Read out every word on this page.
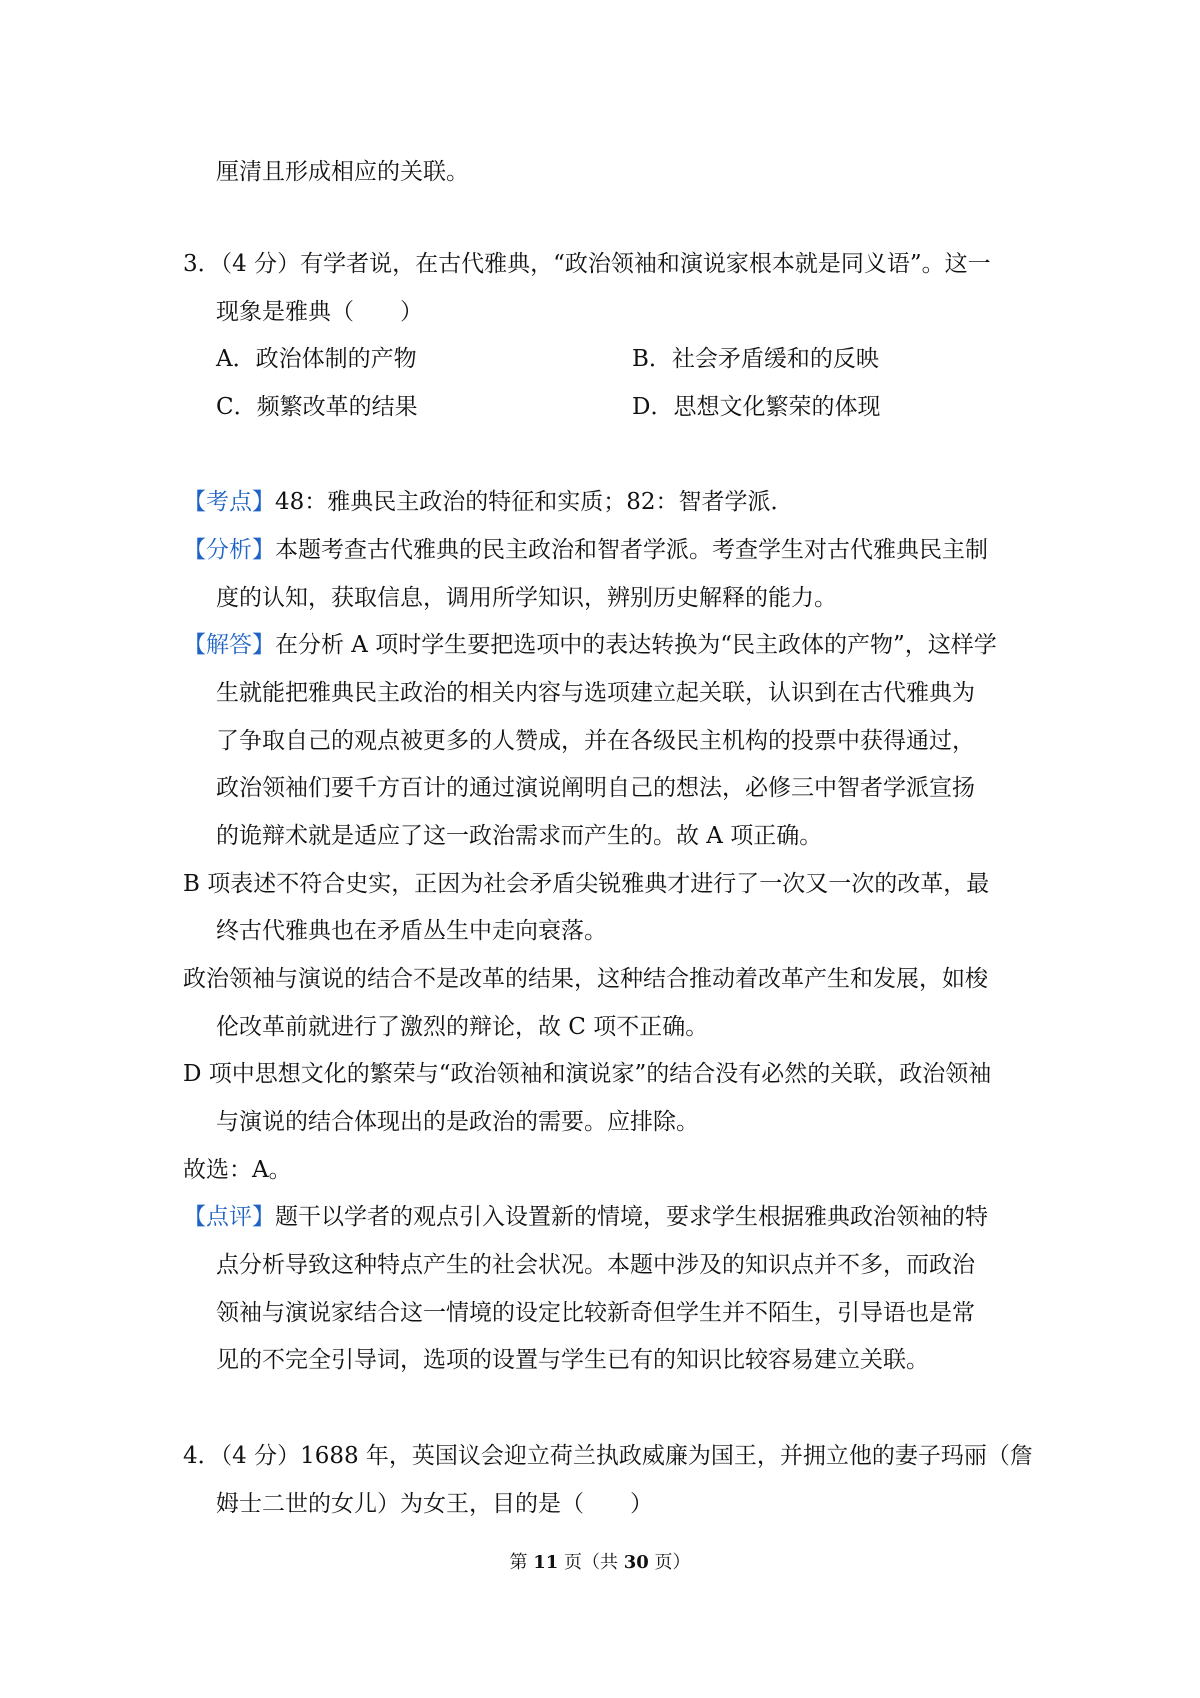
厘清且形成相应的关联。
3．（4 分）有学者说，在古代雅典，“政治领袖和演说家根本就是同义语”。这一
现象是雅典（　　）
A．政治体制的产物	B．社会矛盾缓和的反映
C．频繁改革的结果	D．思想文化繁荣的体现
【考点】48：雅典民主政治的特征和实质；82：智者学派．
【分析】本题考查古代雅典的民主政治和智者学派。考查学生对古代雅典民主制
度的认知，获取信息，调用所学知识，辨别历史解释的能力。
【解答】在分析 A 项时学生要把选项中的表达转换为“民主政体的产物”，这样学
生就能把雅典民主政治的相关内容与选项建立起关联，认识到在古代雅典为
了争取自己的观点被更多的人赞成，并在各级民主机构的投票中获得通过，
政治领袖们要千方百计的通过演说阐明自己的想法，必修三中智者学派宣扬
的诡辩术就是适应了这一政治需求而产生的。故 A 项正确。
B 项表述不符合史实，正因为社会矛盾尖锐雅典才进行了一次又一次的改革，最
终古代雅典也在矛盾丛生中走向衰落。
政治领袖与演说的结合不是改革的结果，这种结合推动着改革产生和发展，如梭
伦改革前就进行了激烈的辩论，故 C 项不正确。
D 项中思想文化的繁荣与“政治领袖和演说家”的结合没有必然的关联，政治领袖
与演说的结合体现出的是政治的需要。应排除。
故选：A。
【点评】题干以学者的观点引入设置新的情境，要求学生根据雅典政治领袖的特
点分析导致这种特点产生的社会状况。本题中涉及的知识点并不多，而政治
领袖与演说家结合这一情境的设定比较新奇但学生并不陌生，引导语也是常
见的不完全引导词，选项的设置与学生已有的知识比较容易建立关联。
4．（4 分）1688 年，英国议会迎立荷兰执政威廉为国王，并拥立他的妻子玛丽（詹
姆士二世的女儿）为女王，目的是（　　）
第 11 页（共 30 页）
